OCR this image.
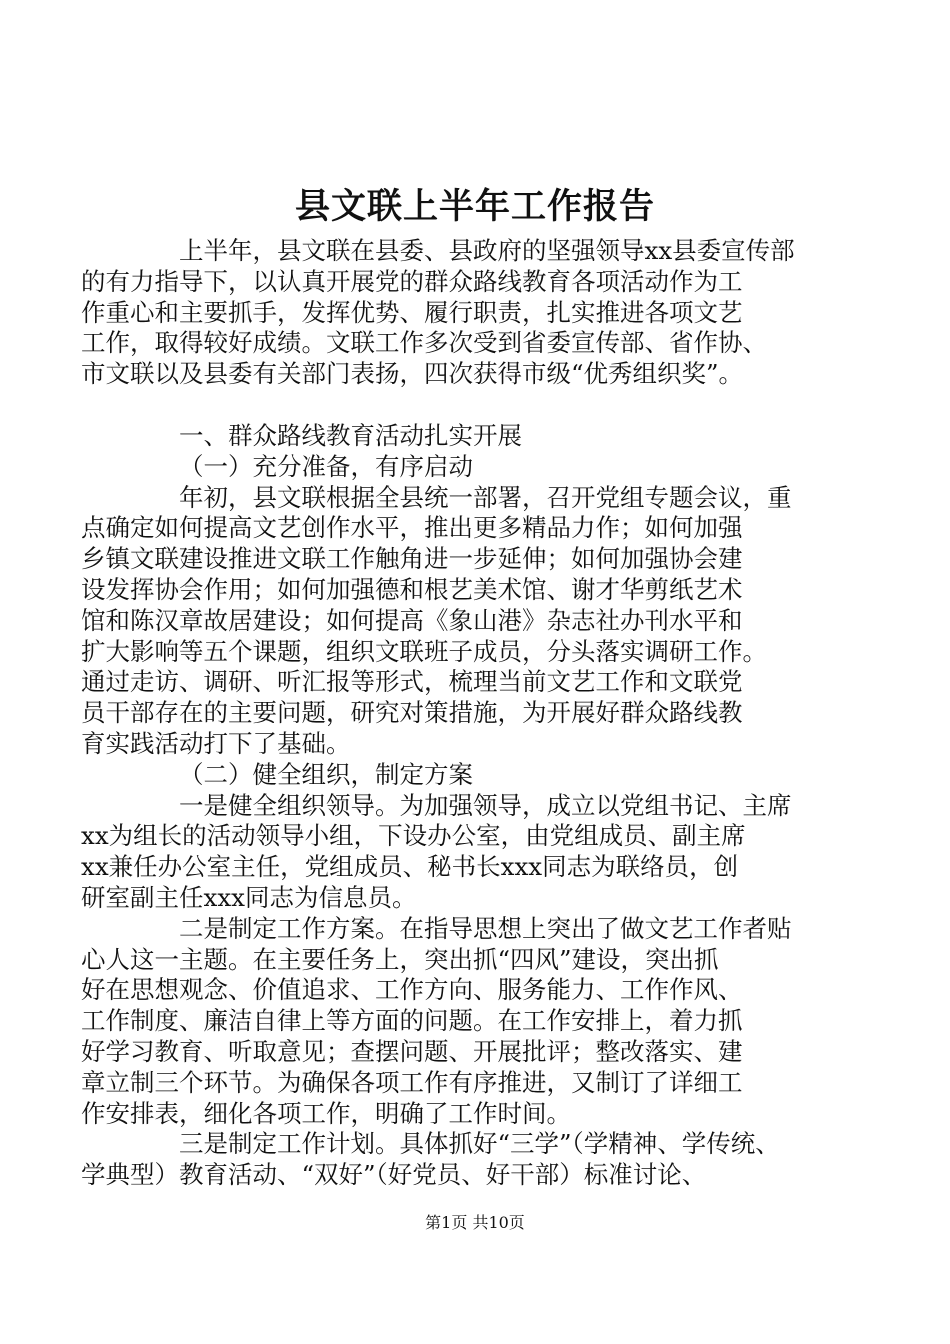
县文联上半年工作报告
上半年，县文联在县委、县政府的坚强领导xx县委宣传部
的有力指导下，以认真开展党的群众路线教育各项活动作为工
作重心和主要抓手，发挥优势、履行职责，扎实推进各项文艺
工作，取得较好成绩。文联工作多次受到省委宣传部、省作协、
市文联以及县委有关部门表扬，四次获得市级“优秀组织奖”。
一、群众路线教育活动扎实开展
（一）充分准备，有序启动
年初，县文联根据全县统一部署，召开党组专题会议，重
点确定如何提高文艺创作水平，推出更多精品力作；如何加强
乡镇文联建设推进文联工作触角进一步延伸；如何加强协会建
设发挥协会作用；如何加强德和根艺美术馆、谢才华剪纸艺术
馆和陈汉章故居建设；如何提高《象山港》杂志社办刊水平和
扩大影响等五个课题，组织文联班子成员，分头落实调研工作。
通过走访、调研、听汇报等形式，梳理当前文艺工作和文联党
员干部存在的主要问题，研究对策措施，为开展好群众路线教
育实践活动打下了基础。
（二）健全组织，制定方案
一是健全组织领导。为加强领导，成立以党组书记、主席
xx为组长的活动领导小组，下设办公室，由党组成员、副主席
xx兼任办公室主任，党组成员、秘书长xxx同志为联络员，创
研室副主任xxx同志为信息员。
二是制定工作方案。在指导思想上突出了做文艺工作者贴
心人这一主题。在主要任务上，突出抓“四风”建设，突出抓
好在思想观念、价值追求、工作方向、服务能力、工作作风、
工作制度、廉洁自律上等方面的问题。在工作安排上，着力抓
好学习教育、听取意见；查摆问题、开展批评；整改落实、建
章立制三个环节。为确保各项工作有序推进，又制订了详细工
作安排表，细化各项工作，明确了工作时间。
三是制定工作计划。具体抓好“三学”（学精神、学传统、
学典型）教育活动、“双好”（好党员、好干部）标准讨论、
第1页 共10页
